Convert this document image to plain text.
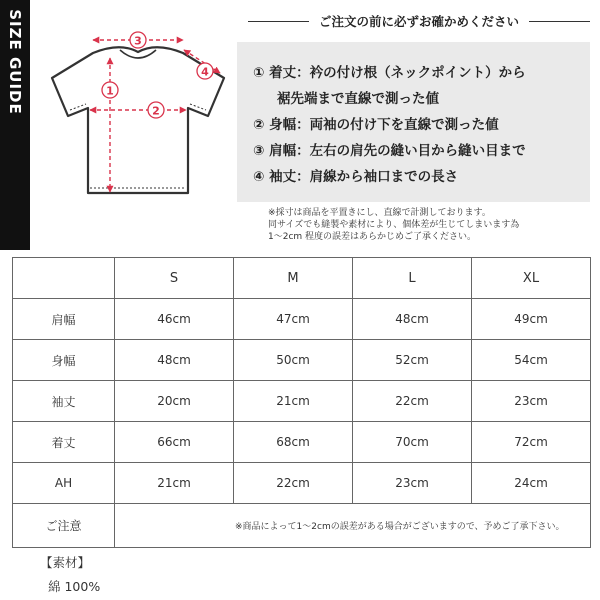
SIZE GUIDE	3
1
2
4
ご注文の前に必ずお確かめください
① 着丈：衿の付け根（ネックポイント）から
裾先端まで直線で測った値
② 身幅：両袖の付け下を直線で測った値
③ 肩幅：左右の肩先の縫い目から縫い目まで
④ 袖丈：肩線から袖口までの長さ
※採寸は商品を平置きにし、直線で計測しております。
同サイズでも縫製や素材により、個体差が生じてしまいます為
1～2cm 程度の誤差はあらかじめご了承ください。
	S	M	L	XL
肩幅	46cm	47cm	48cm	49cm
身幅	48cm	50cm	52cm	54cm
袖丈	20cm	21cm	22cm	23cm
着丈	66cm	68cm	70cm	72cm
AH	21cm	22cm	23cm	24cm
ご注意	※商品によって1～2cmの誤差がある場合がございますので、予めご了承下さい。			
【素材】
綿 100%
